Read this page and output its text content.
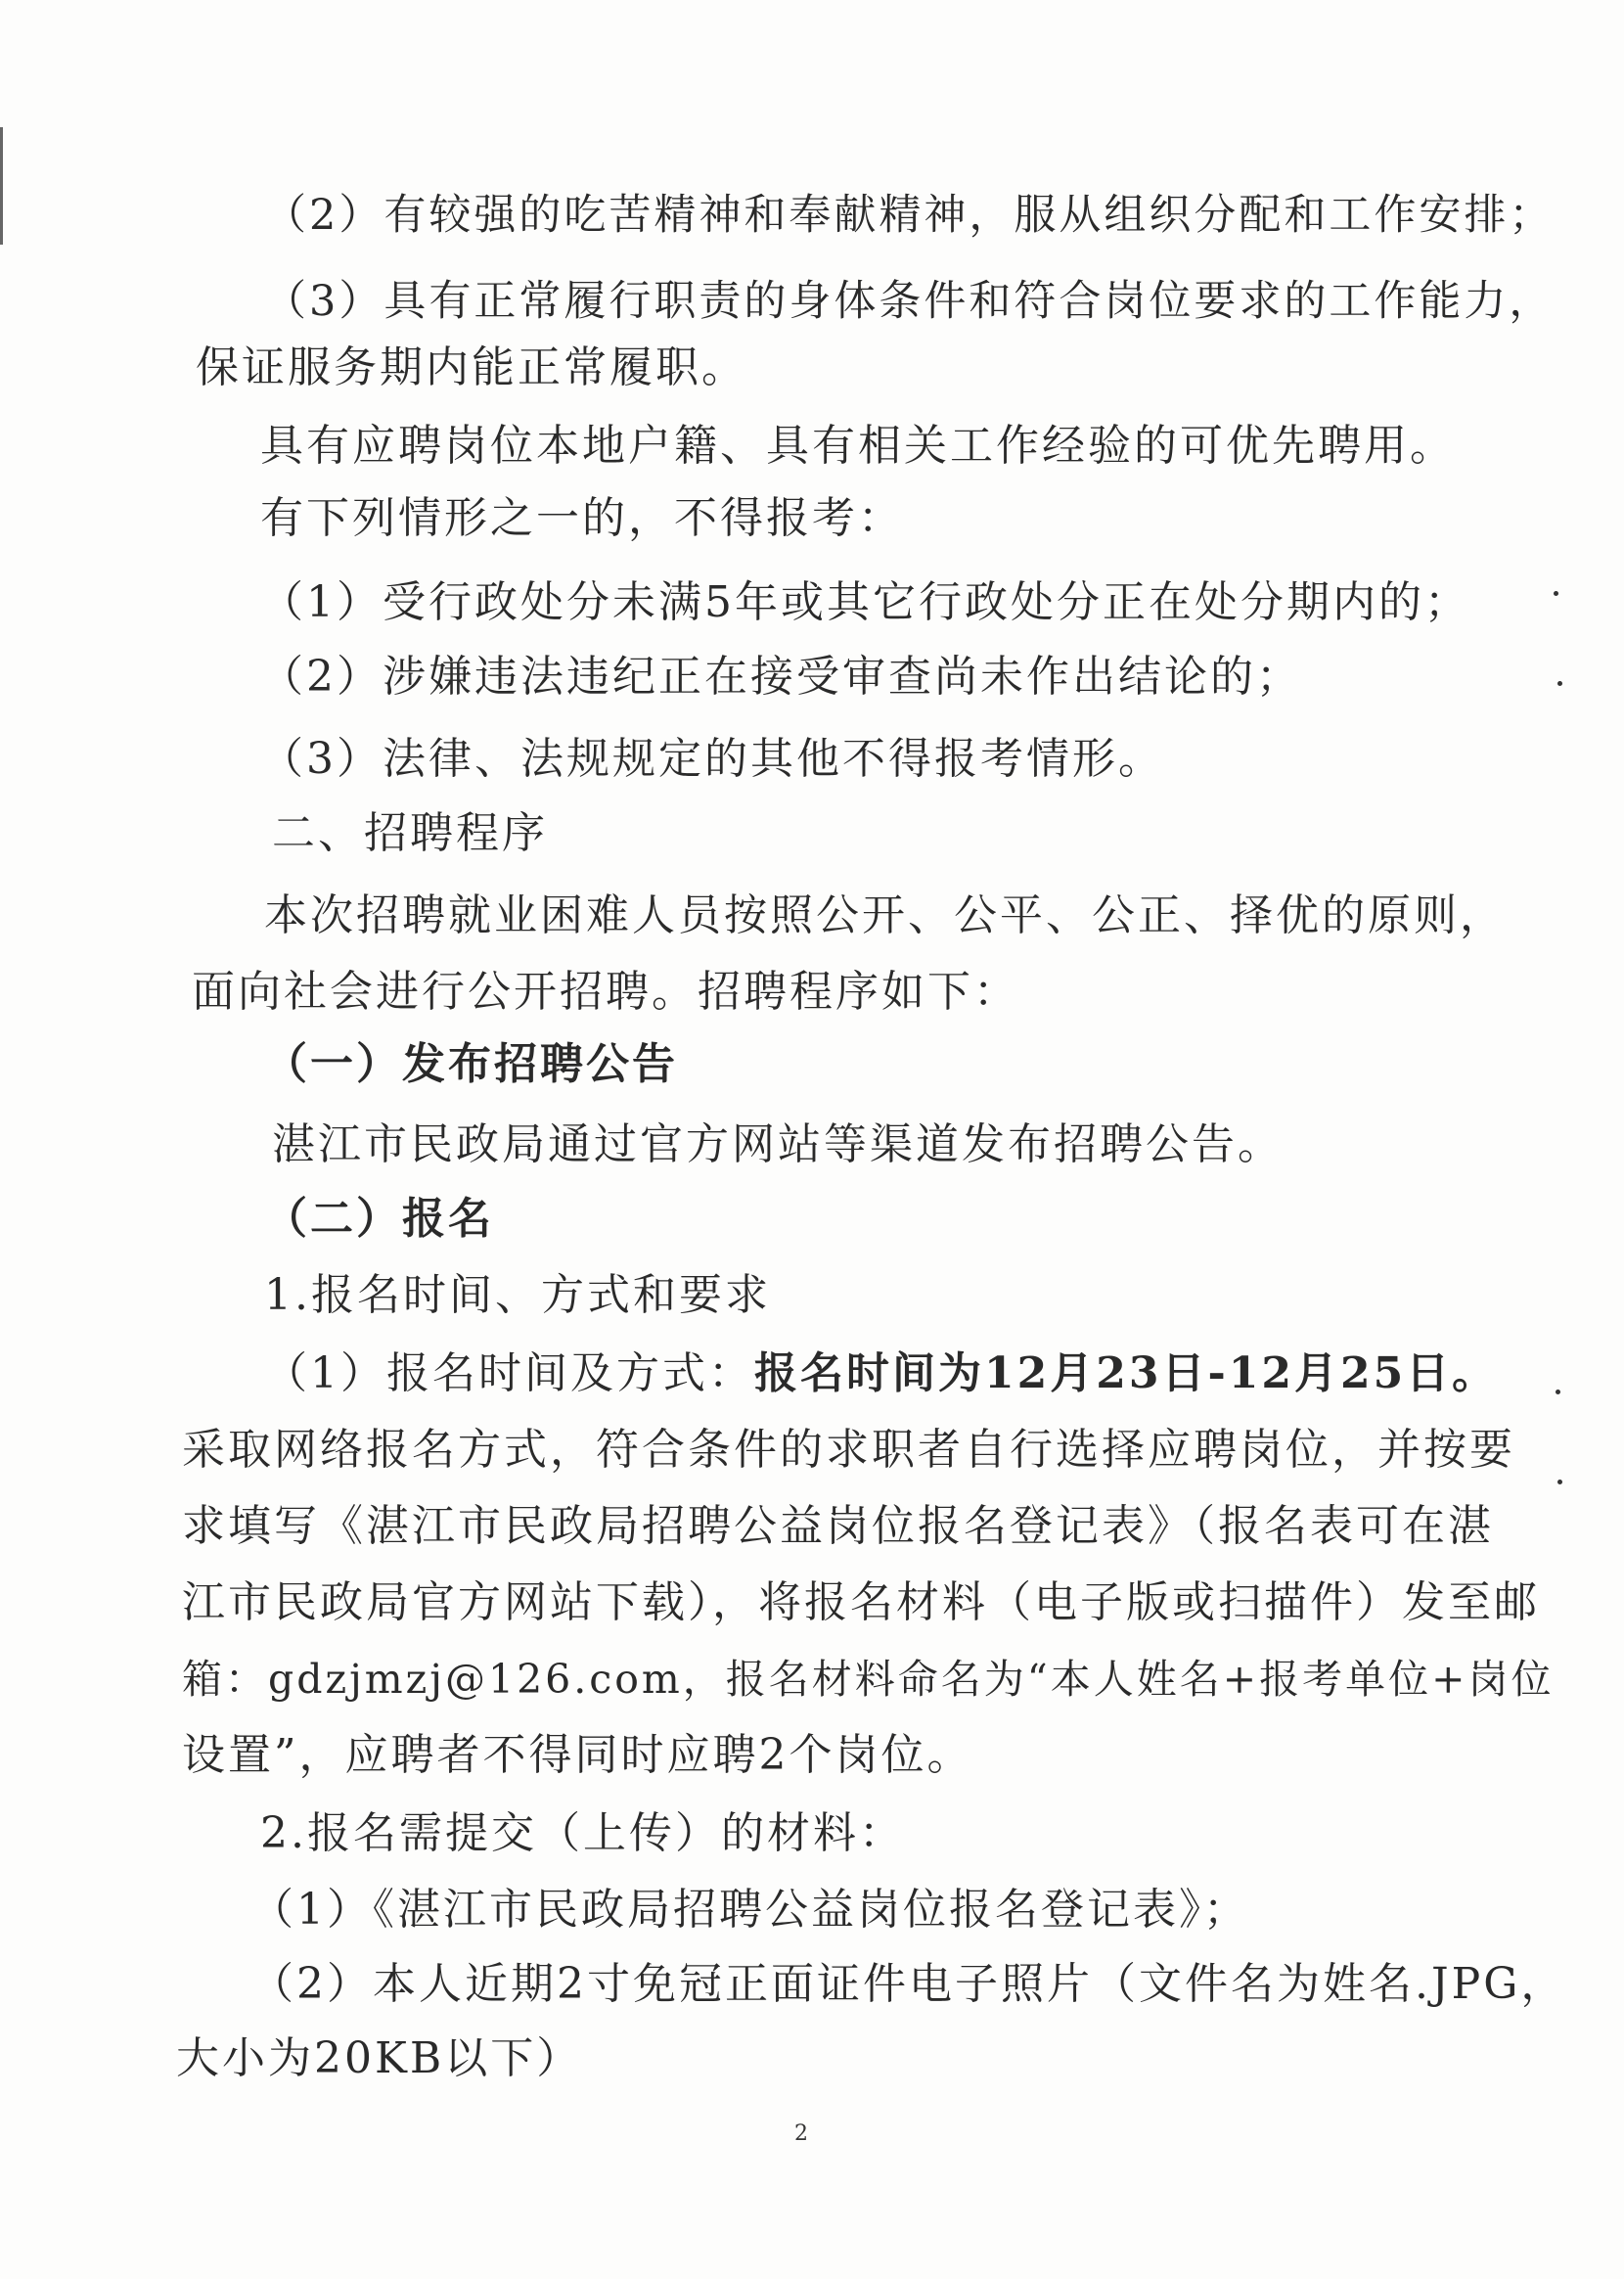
（2）有较强的吃苦精神和奉献精神，服从组织分配和工作安排；
（3）具有正常履行职责的身体条件和符合岗位要求的工作能力，
保证服务期内能正常履职。
具有应聘岗位本地户籍、具有相关工作经验的可优先聘用。
有下列情形之一的，不得报考：
（1）受行政处分未满5年或其它行政处分正在处分期内的；
（2）涉嫌违法违纪正在接受审查尚未作出结论的；
（3）法律、法规规定的其他不得报考情形。
二、招聘程序
本次招聘就业困难人员按照公开、公平、公正、择优的原则，
面向社会进行公开招聘。招聘程序如下：
（一）发布招聘公告
湛江市民政局通过官方网站等渠道发布招聘公告。
（二）报名
1.报名时间、方式和要求
（1）报名时间及方式：报名时间为12月23日-12月25日。
采取网络报名方式，符合条件的求职者自行选择应聘岗位，并按要
求填写《湛江市民政局招聘公益岗位报名登记表》（报名表可在湛
江市民政局官方网站下载），将报名材料（电子版或扫描件）发至邮
箱：gdzjmzj@126.com，报名材料命名为“本人姓名+报考单位+岗位
设置”，应聘者不得同时应聘2个岗位。
2.报名需提交（上传）的材料：
（1）《湛江市民政局招聘公益岗位报名登记表》；
（2）本人近期2寸免冠正面证件电子照片（文件名为姓名.JPG，
大小为20KB以下）
2
